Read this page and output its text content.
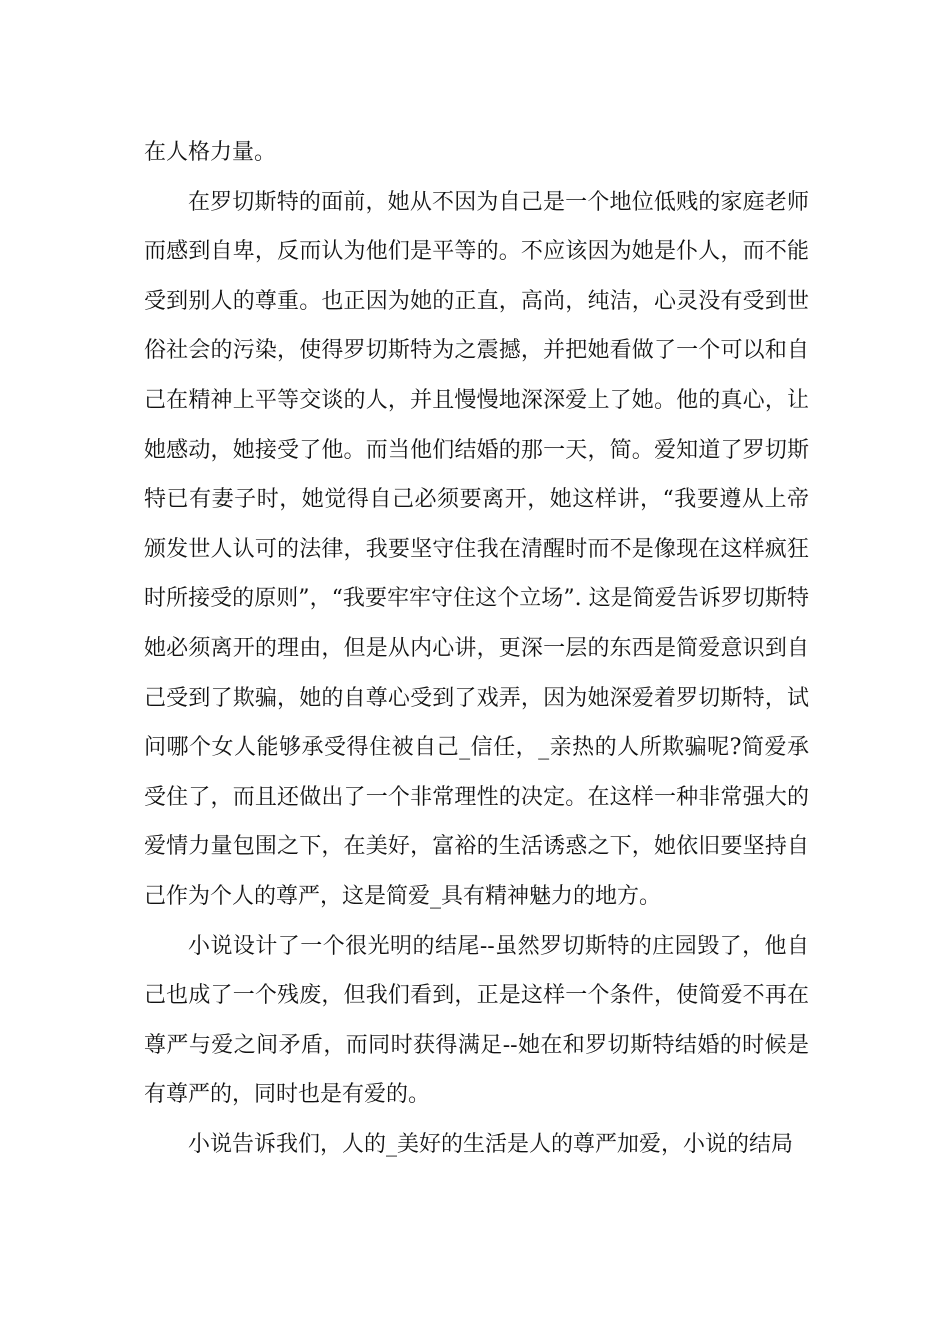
在人格力量。

在罗切斯特的面前，她从不因为自己是一个地位低贱的家庭老师而感到自卑，反而认为他们是平等的。不应该因为她是仆人，而不能受到别人的尊重。也正因为她的正直，高尚，纯洁，心灵没有受到世俗社会的污染，使得罗切斯特为之震撼，并把她看做了一个可以和自己在精神上平等交谈的人，并且慢慢地深深爱上了她。他的真心，让她感动，她接受了他。而当他们结婚的那一天，简。爱知道了罗切斯特已有妻子时，她觉得自己必须要离开，她这样讲，“我要遵从上帝颁发世人认可的法律，我要坚守住我在清醒时而不是像现在这样疯狂时所接受的原则”，“我要牢牢守住这个立场”. 这是简爱告诉罗切斯特她必须离开的理由，但是从内心讲，更深一层的东西是简爱意识到自己受到了欺骗，她的自尊心受到了戏弄，因为她深爱着罗切斯特，试问哪个女人能够承受得住被自己_信任，_亲热的人所欺骗呢?简爱承受住了，而且还做出了一个非常理性的决定。在这样一种非常强大的爱情力量包围之下，在美好，富裕的生活诱惑之下，她依旧要坚持自己作为个人的尊严，这是简爱_具有精神魅力的地方。

小说设计了一个很光明的结尾--虽然罗切斯特的庄园毁了，他自己也成了一个残废，但我们看到，正是这样一个条件，使简爱不再在尊严与爱之间矛盾，而同时获得满足--她在和罗切斯特结婚的时候是有尊严的，同时也是有爱的。

小说告诉我们，人的_美好的生活是人的尊严加爱，小说的结局
